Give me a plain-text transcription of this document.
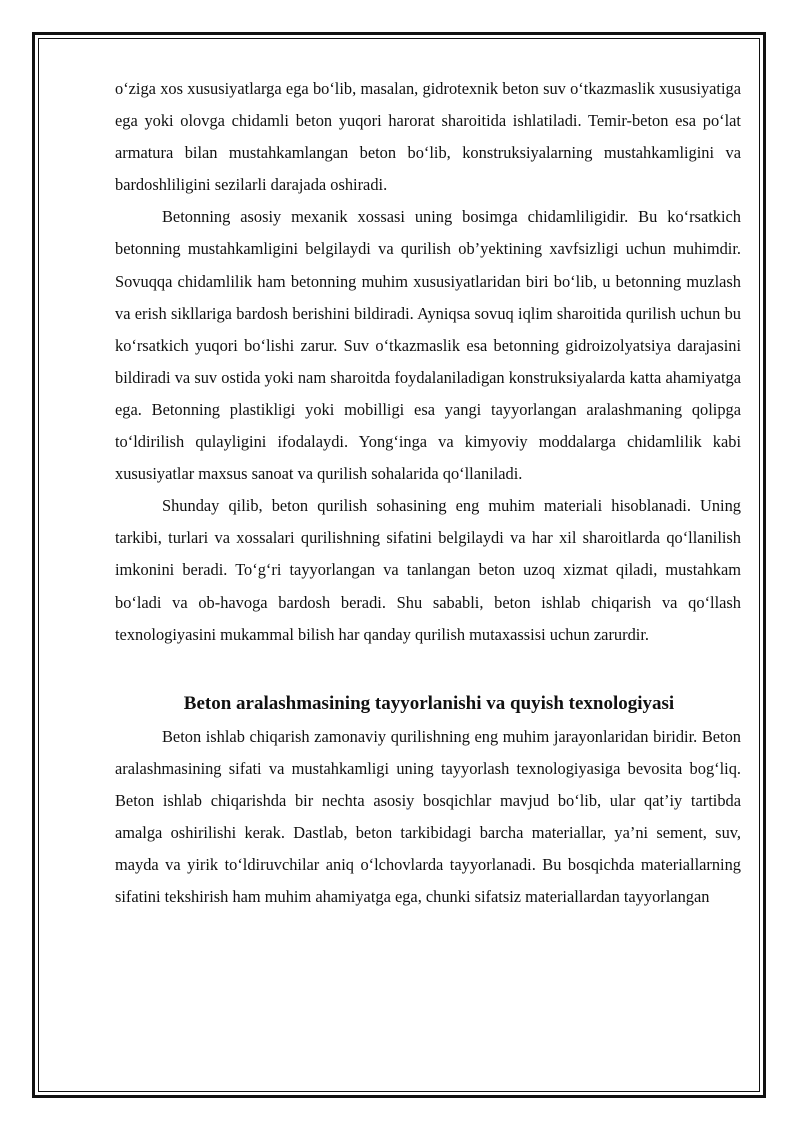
o‘ziga xos xususiyatlarga ega bo‘lib, masalan, gidrotexnik beton suv o‘tkazmaslik xususiyatiga ega yoki olovga chidamli beton yuqori harorat sharoitida ishlatiladi. Temir-beton esa po‘lat armatura bilan mustahkamlangan beton bo‘lib, konstruksiyalarning mustahkamligini va bardoshliligini sezilarli darajada oshiradi.

Betonning asosiy mexanik xossasi uning bosimga chidamliligidir. Bu ko‘rsatkich betonning mustahkamligini belgilaydi va qurilish ob’yektining xavfsizligi uchun muhimdir. Sovuqqa chidamlilik ham betonning muhim xususiyatlaridan biri bo‘lib, u betonning muzlash va erish sikllariga bardosh berishini bildiradi. Ayniqsa sovuq iqlim sharoitida qurilish uchun bu ko‘rsatkich yuqori bo‘lishi zarur. Suv o‘tkazmaslik esa betonning gidroizolyatsiya darajasini bildiradi va suv ostida yoki nam sharoitda foydalaniladigan konstruksiyalarda katta ahamiyatga ega. Betonning plastikligi yoki mobilligi esa yangi tayyorlangan aralashmaning qolipga to‘ldirilish qulayligini ifodalaydi. Yong‘inga va kimyoviy moddalarga chidamlilik kabi xususiyatlar maxsus sanoat va qurilish sohalarida qo‘llaniladi.

Shunday qilib, beton qurilish sohasining eng muhim materiali hisoblanadi. Uning tarkibi, turlari va xossalari qurilishning sifatini belgilaydi va har xil sharoitlarda qo‘llanilish imkonini beradi. To‘g‘ri tayyorlangan va tanlangan beton uzoq xizmat qiladi, mustahkam bo‘ladi va ob-havoga bardosh beradi. Shu sababli, beton ishlab chiqarish va qo‘llash texnologiyasini mukammal bilish har qanday qurilish mutaxassisi uchun zarurdir.

Beton aralashmasining tayyorlanishi va quyish texnologiyasi

Beton ishlab chiqarish zamonaviy qurilishning eng muhim jarayonlaridan biridir. Beton aralashmasining sifati va mustahkamligi uning tayyorlash texnologiyasiga bevosita bog‘liq. Beton ishlab chiqarishda bir nechta asosiy bosqichlar mavjud bo‘lib, ular qat’iy tartibda amalga oshirilishi kerak. Dastlab, beton tarkibidagi barcha materiallar, ya’ni sement, suv, mayda va yirik to‘ldiruvchilar aniq o‘lchovlarda tayyorlanadi. Bu bosqichda materiallarning sifatini tekshirish ham muhim ahamiyatga ega, chunki sifatsiz materiallardan tayyorlangan
